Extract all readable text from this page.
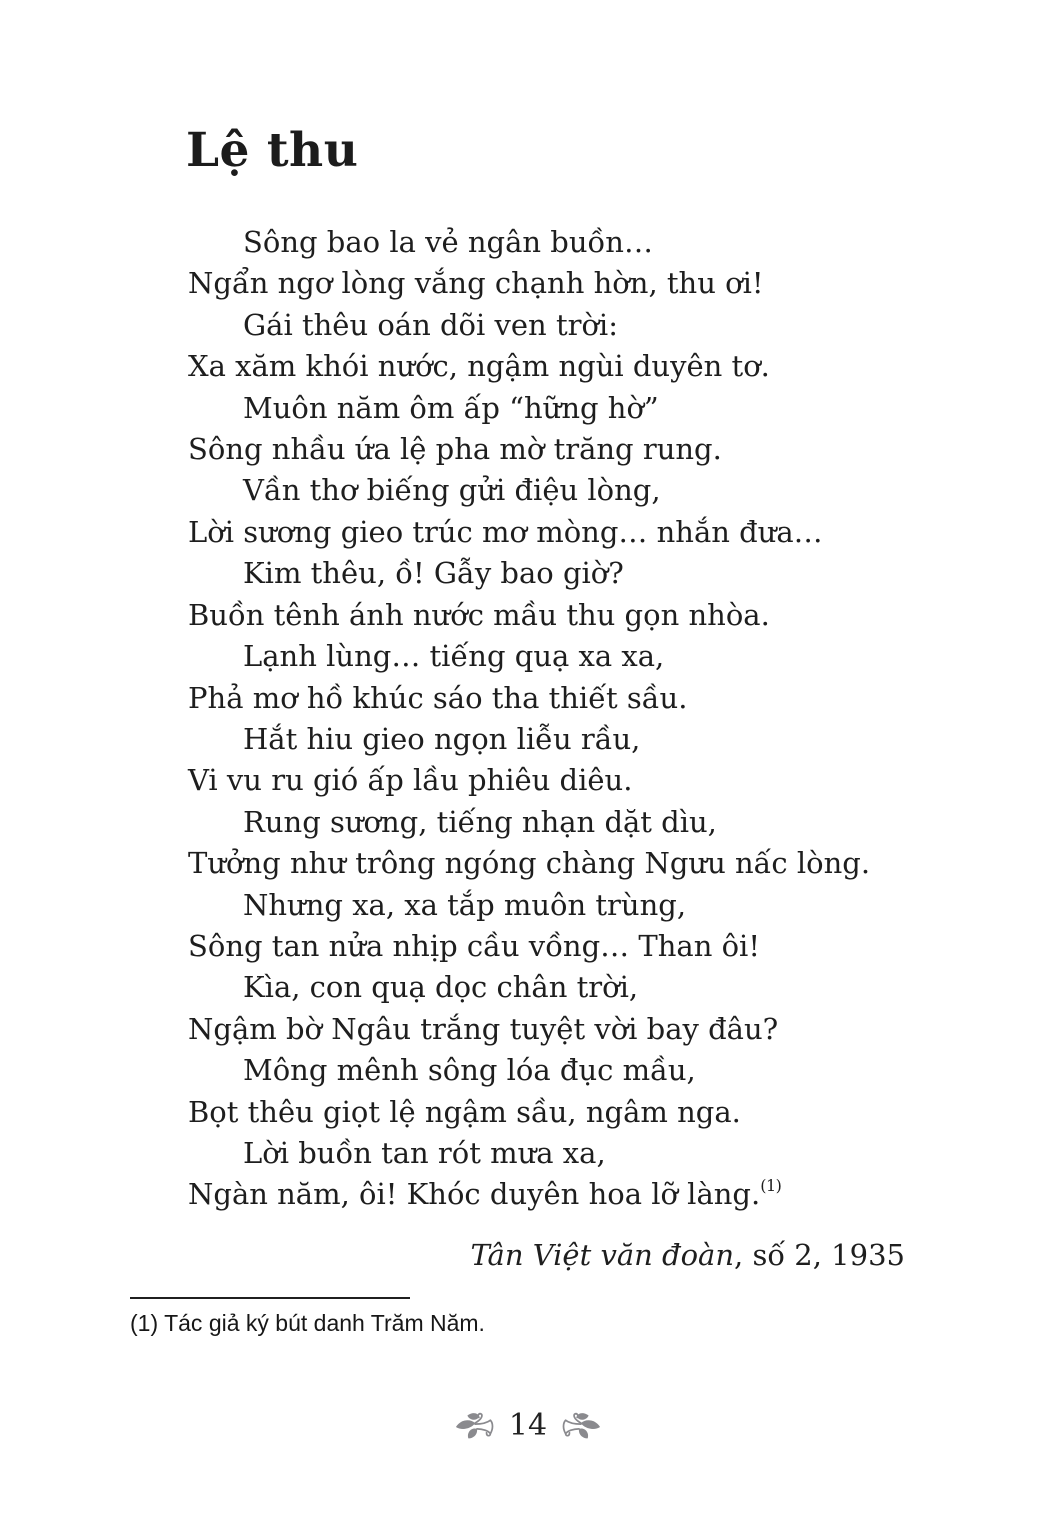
Lệ thu

Sông bao la vẻ ngân buồn…

Ngẩn ngơ lòng vắng chạnh hờn, thu ơi!

Gái thêu oán dõi ven trời:

Xa xăm khói nước, ngậm ngùi duyên tơ.

Muôn năm ôm ấp “hững hờ”

Sông nhầu ứa lệ pha mờ trăng rung.

Vần thơ biếng gửi điệu lòng,

Lời sương gieo trúc mơ mòng… nhắn đưa…

Kim thêu, ồ! Gẫy bao giờ?

Buồn tênh ánh nước mầu thu gọn nhòa.

Lạnh lùng… tiếng quạ xa xa,

Phả mơ hồ khúc sáo tha thiết sầu.

Hắt hiu gieo ngọn liễu rầu,

Vi vu ru gió ấp lầu phiêu diêu.

Rung sương, tiếng nhạn dặt dìu,

Tưởng như trông ngóng chàng Ngưu nấc lòng.

Nhưng xa, xa tắp muôn trùng,

Sông tan nửa nhịp cầu vồng… Than ôi!

Kìa, con quạ dọc chân trời,

Ngậm bờ Ngâu trắng tuyệt vời bay đâu?

Mông mênh sông lóa đục mầu,

Bọt thêu giọt lệ ngậm sầu, ngâm nga.

Lời buồn tan rót mưa xa,

Ngàn năm, ôi! Khóc duyên hoa lỡ làng.$^{(1)}$

Tân Việt văn đoàn, số 2, 1935

(1) Tác giả ký bút danh Trăm Năm.

14
